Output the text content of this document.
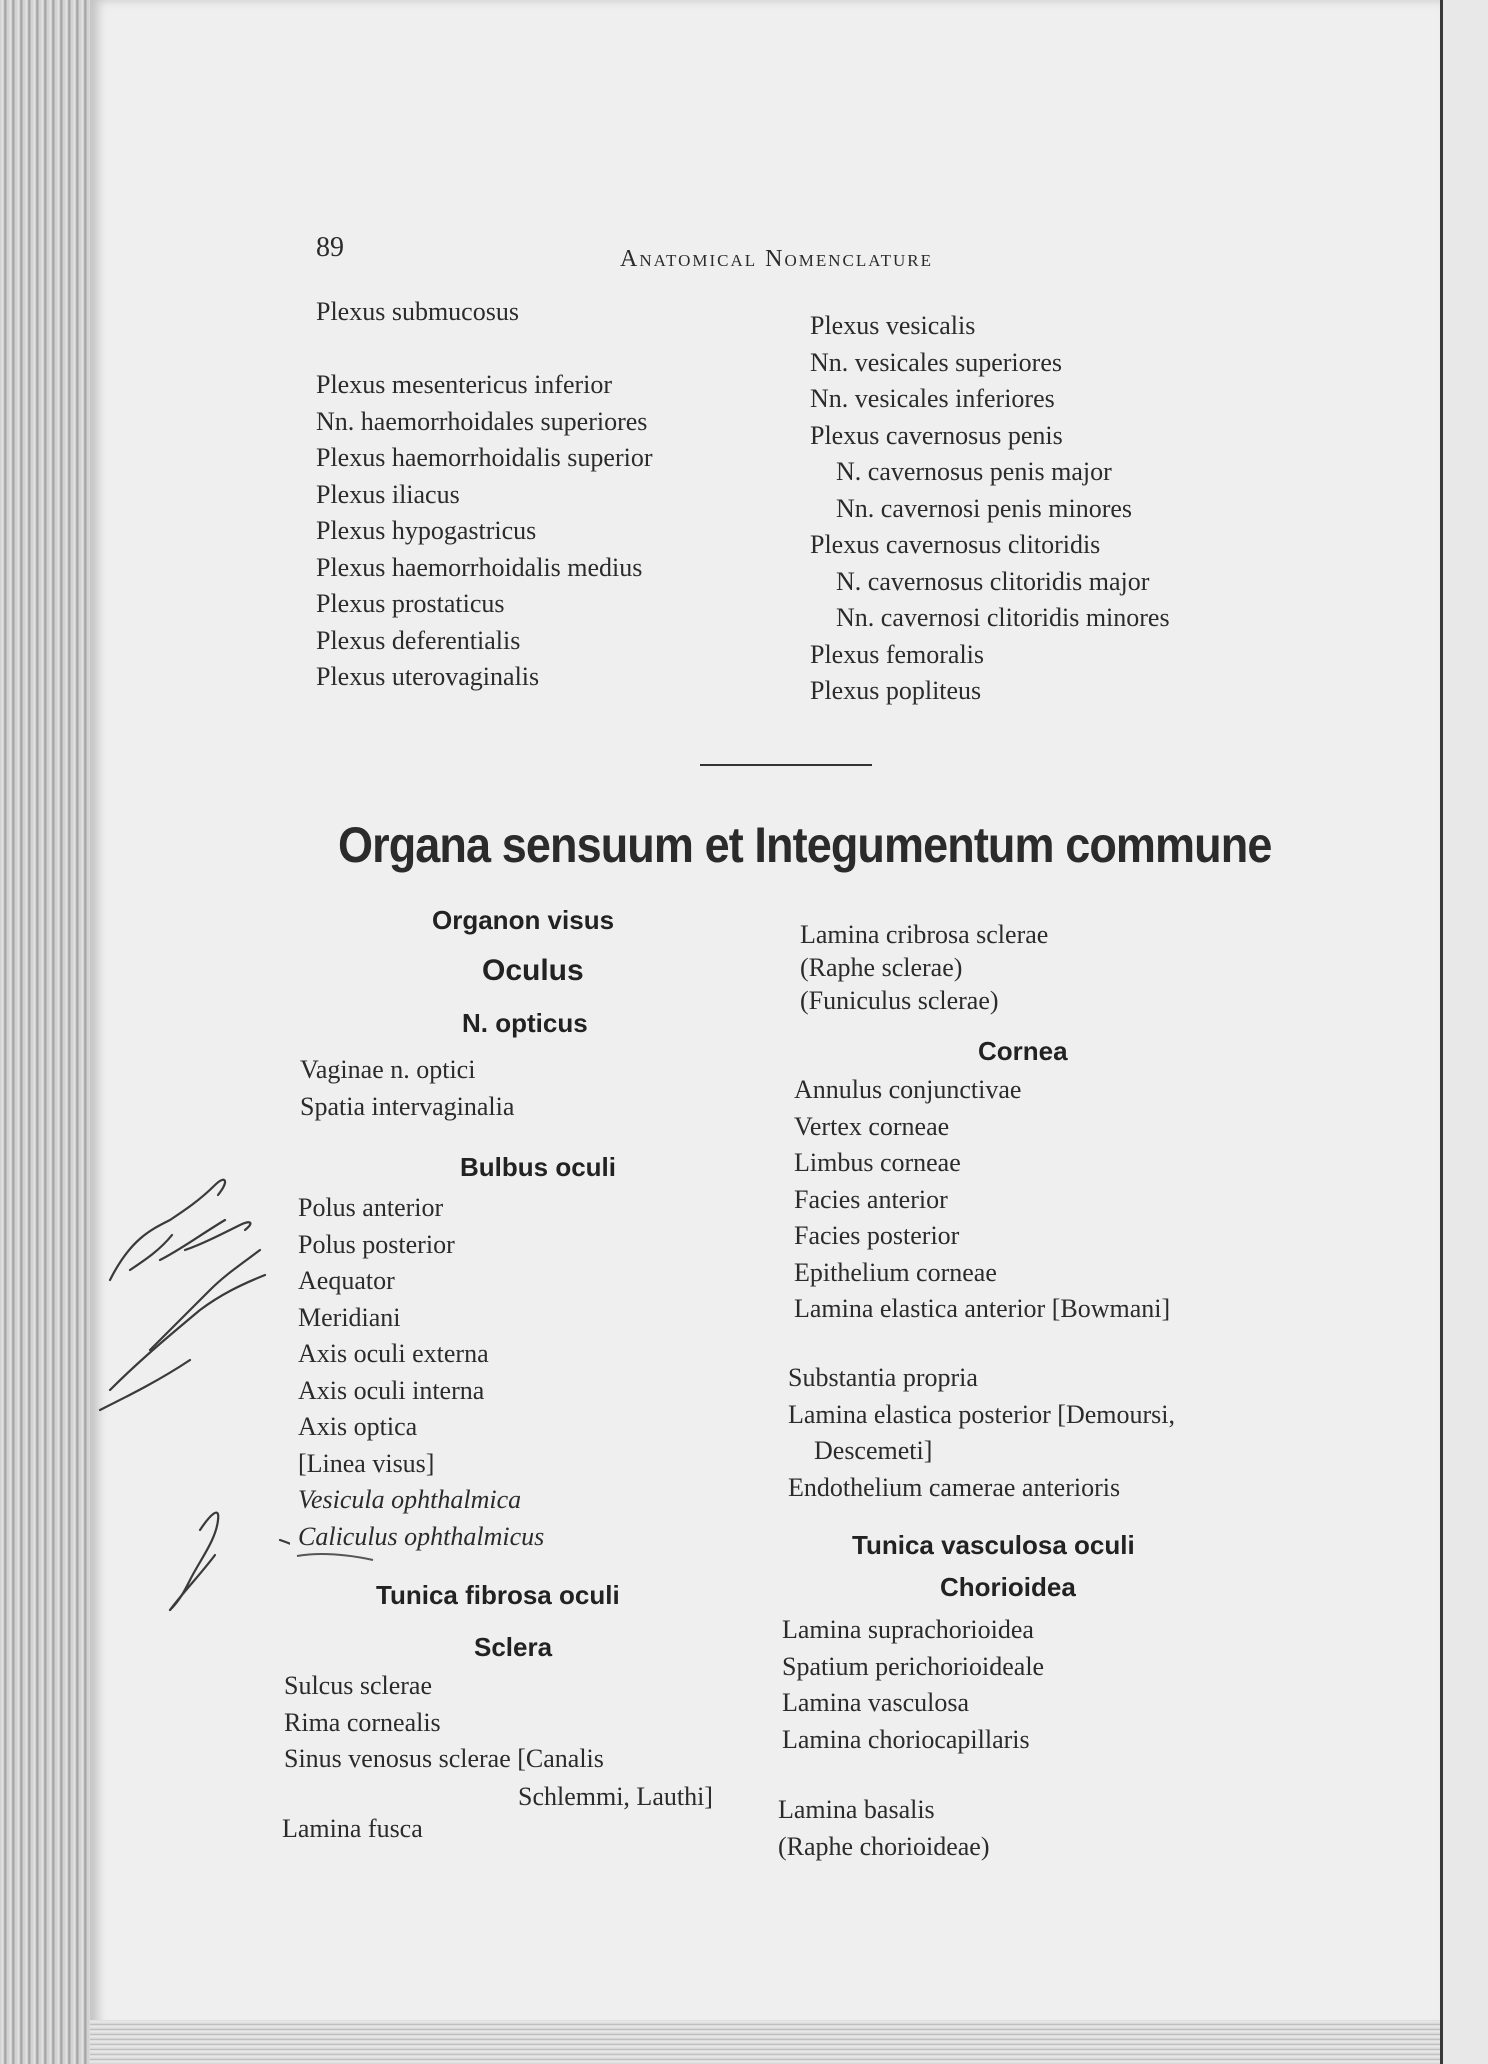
89	Anatomical Nomenclature
Plexus submucosus

Plexus mesentericus inferior
Nn. haemorrhoidales superiores
Plexus haemorrhoidalis superior
Plexus iliacus
Plexus hypogastricus
Plexus haemorrhoidalis medius
Plexus prostaticus
Plexus deferentialis
Plexus uterovaginalis
Plexus vesicalis
Nn. vesicales superiores
Nn. vesicales inferiores
Plexus cavernosus penis
N. cavernosus penis major
Nn. cavernosi penis minores
Plexus cavernosus clitoridis
N. cavernosus clitoridis major
Nn. cavernosi clitoridis minores
Plexus femoralis
Plexus popliteus
Organa sensuum et Integumentum commune
Organon visus
Oculus
N. opticus
Vaginae n. optici
Spatia intervaginalia
Bulbus oculi
Polus anterior
Polus posterior
Aequator
Meridiani
Axis oculi externa
Axis oculi interna
Axis optica
[Linea visus]
Vesicula ophthalmica
Caliculus ophthalmicus
Tunica fibrosa oculi
Sclera
Sulcus sclerae
Rima cornealis
Sinus venosus sclerae [Canalis
Schlemmi, Lauthi]
Lamina fusca
Lamina cribrosa sclerae
(Raphe sclerae)
(Funiculus sclerae)
Cornea
Annulus conjunctivae
Vertex corneae
Limbus corneae
Facies anterior
Facies posterior
Epithelium corneae
Lamina elastica anterior [Bowmani]
Substantia propria
Lamina elastica posterior [Demoursi,
Descemeti]
Endothelium camerae anterioris
Tunica vasculosa oculi
Chorioidea
Lamina suprachorioidea
Spatium perichorioideale
Lamina vasculosa
Lamina choriocapillaris
Lamina basalis
(Raphe chorioideae)
